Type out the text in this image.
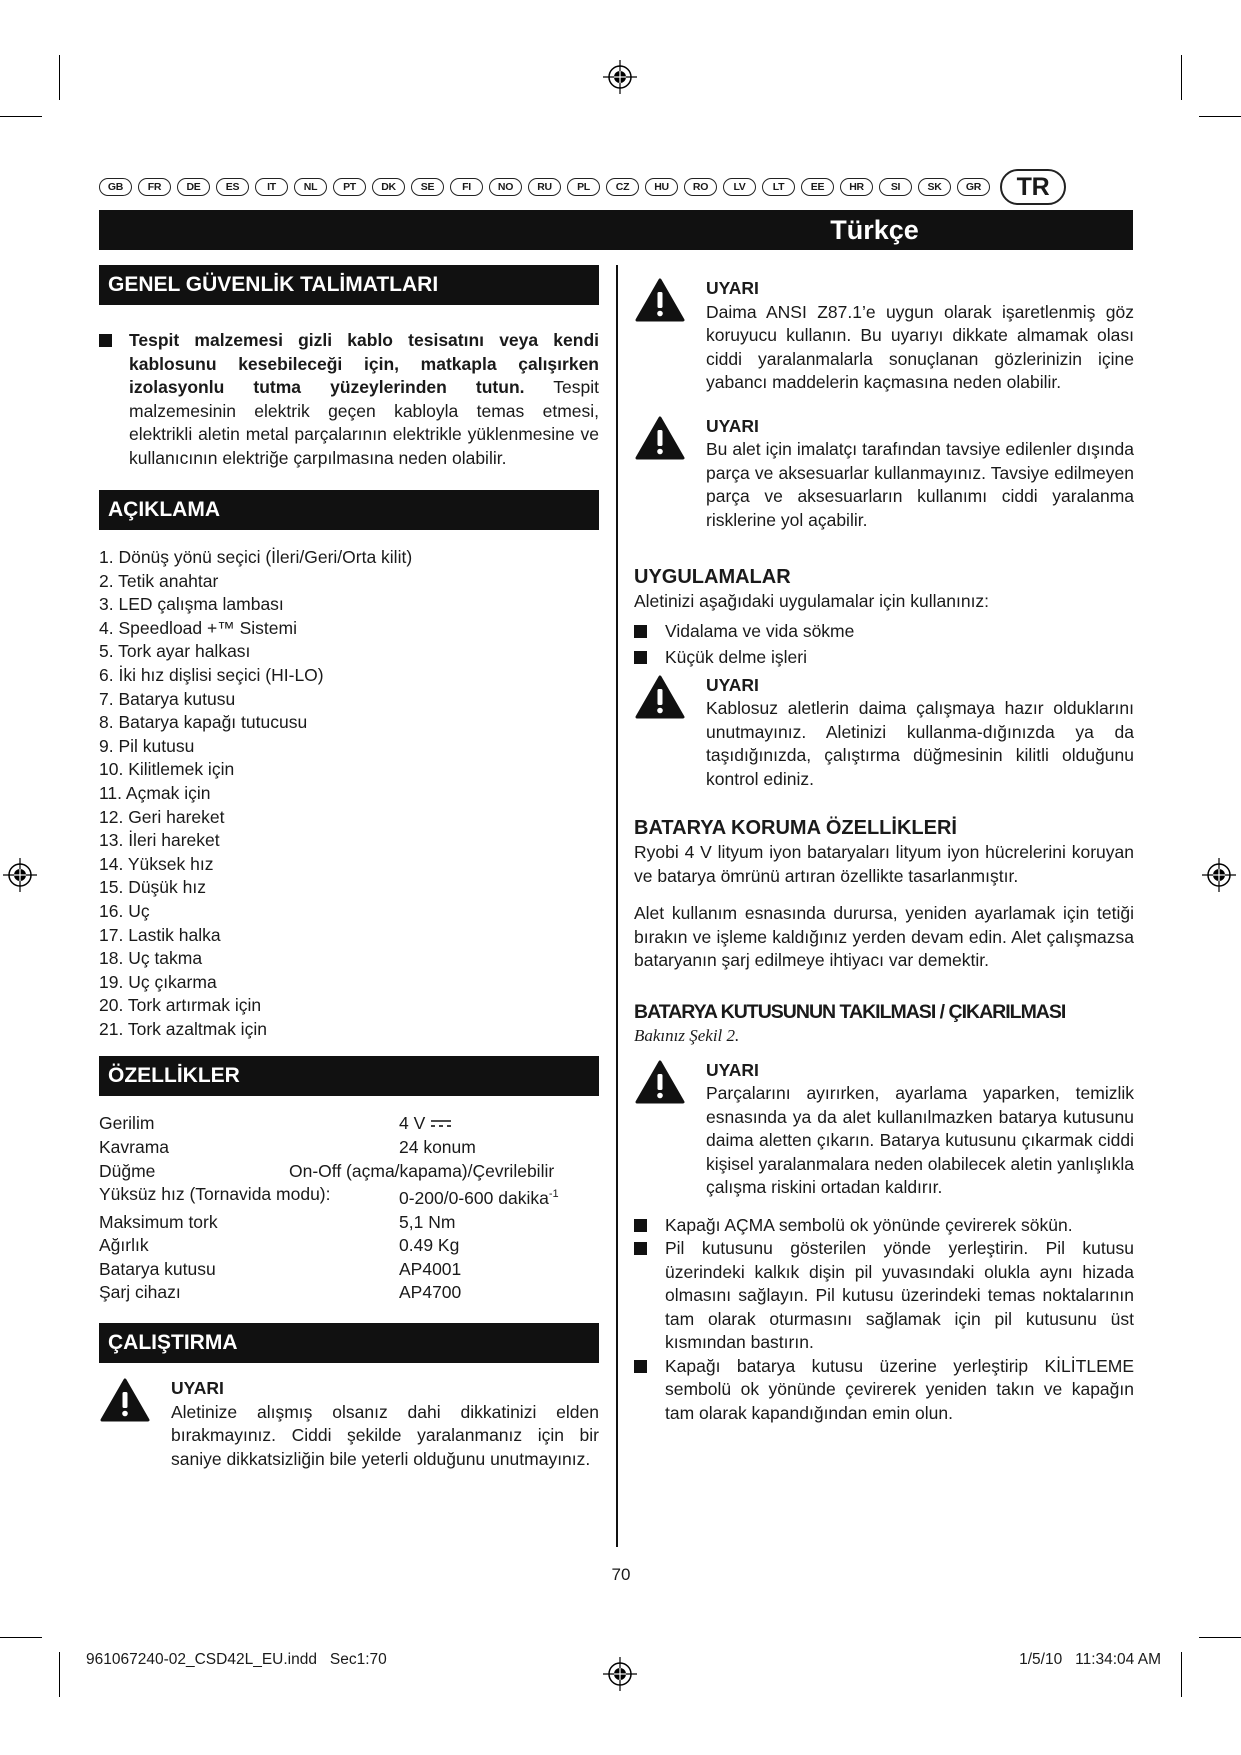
GB	FR	DE	ES	IT	NL	PT	DK	SE	FI	NO	RU	PL	CZ	HU	RO	LV	LT	EE	HR	SI	SK	GR	TR
Türkçe
GENEL GÜVENLİK TALİMATLARI
Tespit malzemesi gizli kablo tesisatını veya kendi kablosunu kesebileceği için, matkapla çalışırken izolasyonlu tutma yüzeylerinden tutun. Tespit malzemesinin elektrik geçen kabloyla temas etmesi, elektrikli aletin metal parçalarının elektrikle yüklenmesine ve kullanıcının elektriğe çarpılmasına neden olabilir.
AÇIKLAMA
1. Dönüş yönü seçici (İleri/Geri/Orta kilit)
2. Tetik anahtar
3. LED çalışma lambası
4. Speedload +™ Sistemi
5. Tork ayar halkası
6. İki hız dişlisi seçici (HI-LO)
7. Batarya kutusu
8. Batarya kapağı tutucusu
9. Pil kutusu
10. Kilitlemek için
11. Açmak için
12. Geri hareket
13. İleri hareket
14. Yüksek hız
15. Düşük hız
16. Uç
17. Lastik halka
18. Uç takma
19. Uç çıkarma
20. Tork artırmak için
21. Tork azaltmak için
ÖZELLİKLER
Gerilim	4 V
Kavrama	24 konum
Düğme	On-Off (açma/kapama)/Çevrilebilir
Yüksüz hız (Tornavida modu):	0-200/0-600 dakika$^{-1}$
Maksimum tork	5,1 Nm
Ağırlık	0.49 Kg
Batarya kutusu	AP4001
Şarj cihazı	AP4700
ÇALIŞTIRMA
UYARI
Aletinize alışmış olsanız dahi dikkatinizi elden bırakmayınız. Ciddi şekilde yaralanmanız için bir saniye dikkatsizliğin bile yeterli olduğunu unutmayınız.
UYARI
Daima ANSI Z87.1’e uygun olarak işaretlenmiş göz koruyucu kullanın. Bu uyarıyı dikkate almamak olası ciddi yaralanmalarla sonuçlanan gözlerinizin içine yabancı maddelerin kaçmasına neden olabilir.
UYARI
Bu alet için imalatçı tarafından tavsiye edilenler dışında parça ve aksesuarlar kullanmayınız. Tavsiye edilmeyen parça ve aksesuarların kullanımı ciddi yaralanma risklerine yol açabilir.
UYGULAMALAR
Aletinizi aşağıdaki uygulamalar için kullanınız:
Vidalama ve vida sökme
Küçük delme işleri
UYARI
Kablosuz aletlerin daima çalışmaya hazır olduklarını unutmayınız. Aletinizi kullanma-dığınızda ya da taşıdığınızda, çalıştırma düğmesinin kilitli olduğunu kontrol ediniz.
BATARYA KORUMA ÖZELLİKLERİ
Ryobi 4 V lityum iyon bataryaları lityum iyon hücrelerini koruyan ve batarya ömrünü artıran özellikte tasarlanmıştır.
Alet kullanım esnasında durursa, yeniden ayarlamak için tetiği bırakın ve işleme kaldığınız yerden devam edin. Alet çalışmazsa bataryanın şarj edilmeye ihtiyacı var demektir.
BATARYA KUTUSUNUN TAKILMASI / ÇIKARILMASI
Bakınız Şekil 2.
UYARI
Parçalarını ayırırken, ayarlama yaparken, temizlik esnasında ya da alet kullanılmazken batarya kutusunu daima aletten çıkarın. Batarya kutusunu çıkarmak ciddi kişisel yaralanmalara neden olabilecek aletin yanlışlıkla çalışma riskini ortadan kaldırır.
Kapağı AÇMA sembolü ok yönünde çevirerek sökün.
Pil kutusunu gösterilen yönde yerleştirin. Pil kutusu üzerindeki kalkık dişin pil yuvasındaki olukla aynı hizada olmasını sağlayın. Pil kutusu üzerindeki temas noktalarının tam olarak oturmasını sağlamak için pil kutusunu üst kısmından bastırın.
Kapağı batarya kutusu üzerine yerleştirip KİLİTLEME sembolü ok yönünde çevirerek yeniden takın ve kapağın tam olarak kapandığından emin olun.
70
961067240-02_CSD42L_EU.indd   Sec1:70	1/5/10   11:34:04 AM
